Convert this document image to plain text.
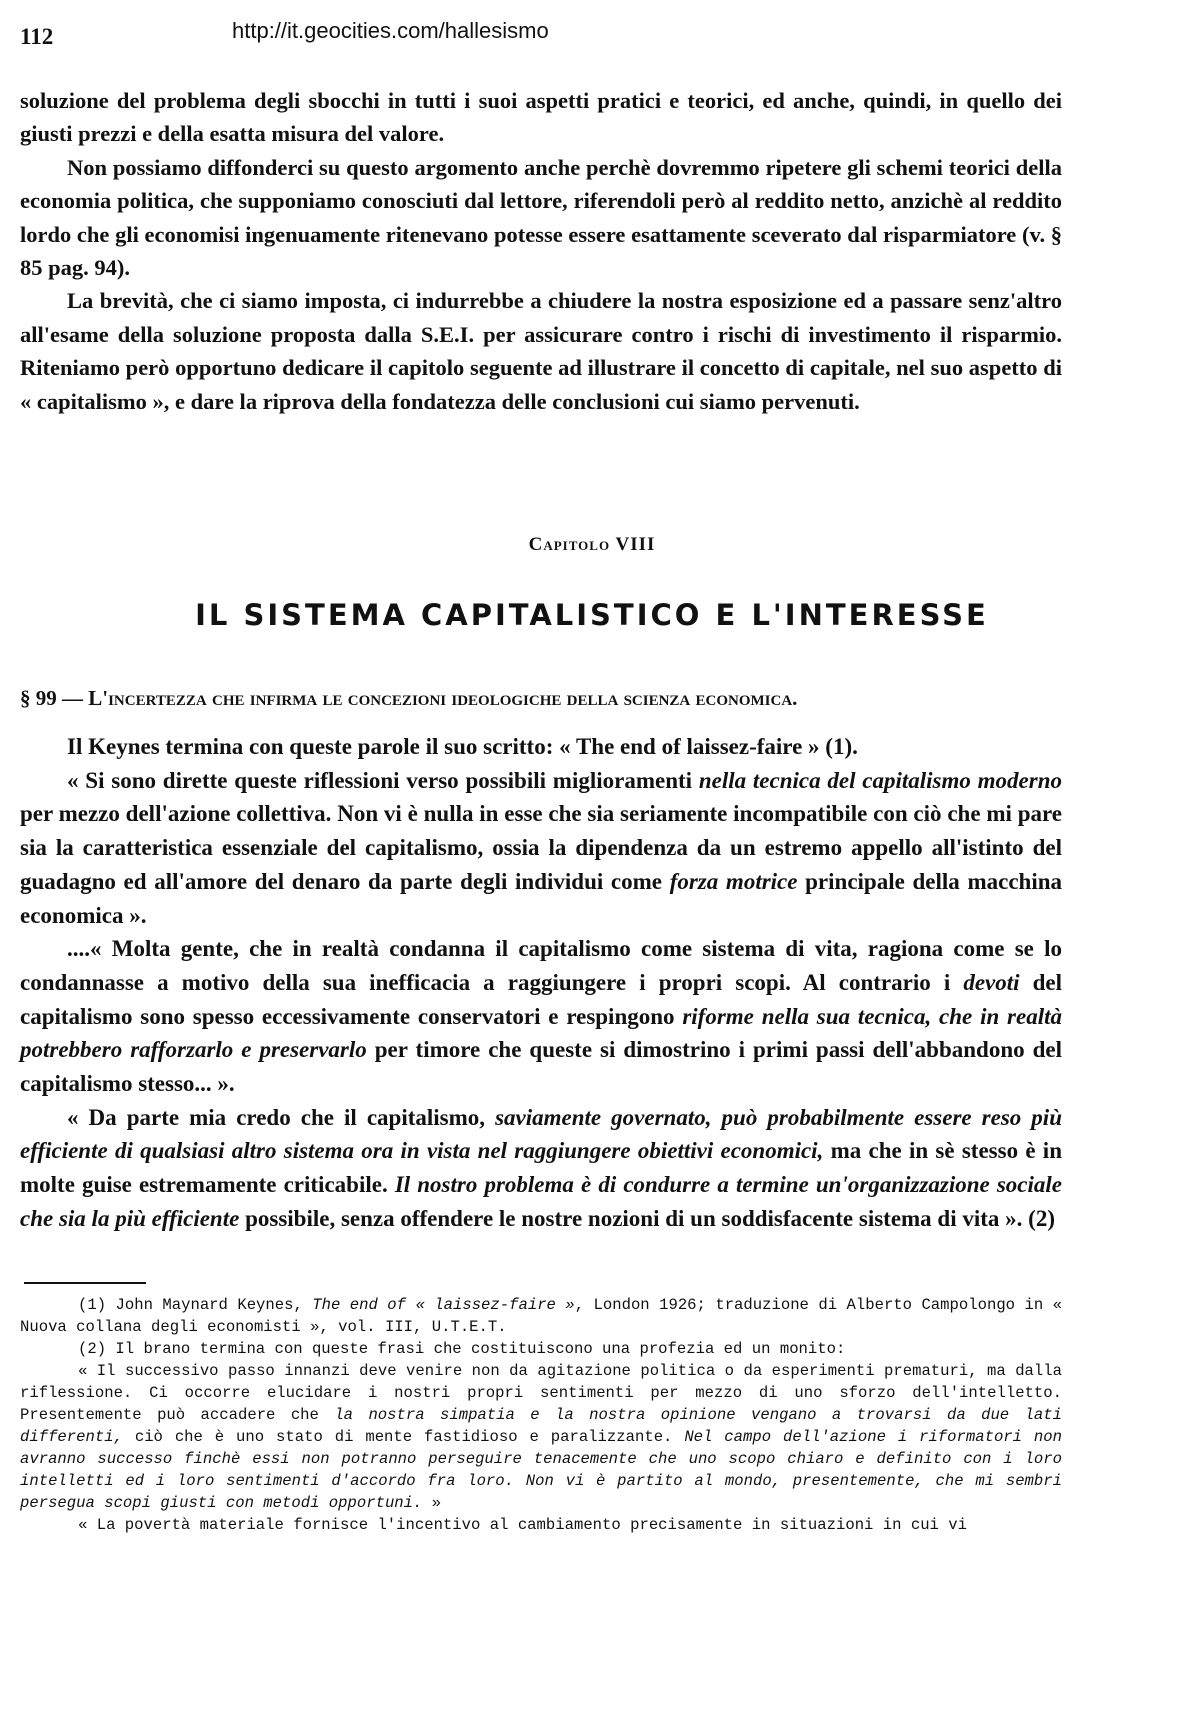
112	http://it.geocities.com/hallesismo

soluzione del problema degli sbocchi in tutti i suoi aspetti pratici e teorici, ed anche, quindi, in quello dei giusti prezzi e della esatta misura del valore.

Non possiamo diffonderci su questo argomento anche perchè dovremmo ripetere gli schemi teorici della economia politica, che supponiamo conosciuti dal lettore, riferendoli però al reddito netto, anzichè al reddito lordo che gli economisi ingenuamente ritenevano potesse essere esattamente sceverato dal risparmiatore (v. § 85 pag. 94).

La brevità, che ci siamo imposta, ci indurrebbe a chiudere la nostra esposizione ed a passare senz'altro all'esame della soluzione proposta dalla S.E.I. per assicurare contro i rischi di investimento il risparmio. Riteniamo però opportuno dedicare il capitolo seguente ad illustrare il concetto di capitale, nel suo aspetto di « capitalismo », e dare la riprova della fondatezza delle conclusioni cui siamo pervenuti.

Capitolo VIII
IL SISTEMA CAPITALISTICO E L'INTERESSE
§ 99 — L'incertezza che infirma le concezioni ideologiche della scienza economica.

Il Keynes termina con queste parole il suo scritto: « The end of laissez-faire » (1).

« Si sono dirette queste riflessioni verso possibili miglioramenti nella tecnica del capitalismo moderno per mezzo dell'azione collettiva. Non vi è nulla in esse che sia seriamente incompatibile con ciò che mi pare sia la caratteristica essenziale del capitalismo, ossia la dipendenza da un estremo appello all'istinto del guadagno ed all'amore del denaro da parte degli individui come forza motrice principale della macchina economica ».

....« Molta gente, che in realtà condanna il capitalismo come sistema di vita, ragiona come se lo condannasse a motivo della sua inefficacia a raggiungere i propri scopi. Al contrario i devoti del capitalismo sono spesso eccessivamente conservatori e respingono riforme nella sua tecnica, che in realtà potrebbero rafforzarlo e preservarlo per timore che queste si dimostrino i primi passi dell'abbandono del capitalismo stesso... ».

« Da parte mia credo che il capitalismo, saviamente governato, può probabilmente essere reso più efficiente di qualsiasi altro sistema ora in vista nel raggiungere obiettivi economici, ma che in sè stesso è in molte guise estremamente criticabile. Il nostro problema è di condurre a termine un'organizzazione sociale che sia la più efficiente possibile, senza offendere le nostre nozioni di un soddisfacente sistema di vita ». (2)

(1) John Maynard Keynes, The end of « laissez-faire », London 1926; traduzione di Alberto Campolongo in « Nuova collana degli economisti », vol. III, U.T.E.T.

(2) Il brano termina con queste frasi che costituiscono una profezia ed un monito:

« Il successivo passo innanzi deve venire non da agitazione politica o da esperimenti prematuri, ma dalla riflessione. Ci occorre elucidare i nostri propri sentimenti per mezzo di uno sforzo dell'intelletto. Presentemente può accadere che la nostra simpatia e la nostra opinione vengano a trovarsi da due lati differenti, ciò che è uno stato di mente fastidioso e paralizzante. Nel campo dell'azione i riformatori non avranno successo finchè essi non potranno perseguire tenacemente che uno scopo chiaro e definito con i loro intelletti ed i loro sentimenti d'accordo fra loro. Non vi è partito al mondo, presentemente, che mi sembri persegua scopi giusti con metodi opportuni. »

« La povertà materiale fornisce l'incentivo al cambiamento precisamente in situazioni in cui vi
